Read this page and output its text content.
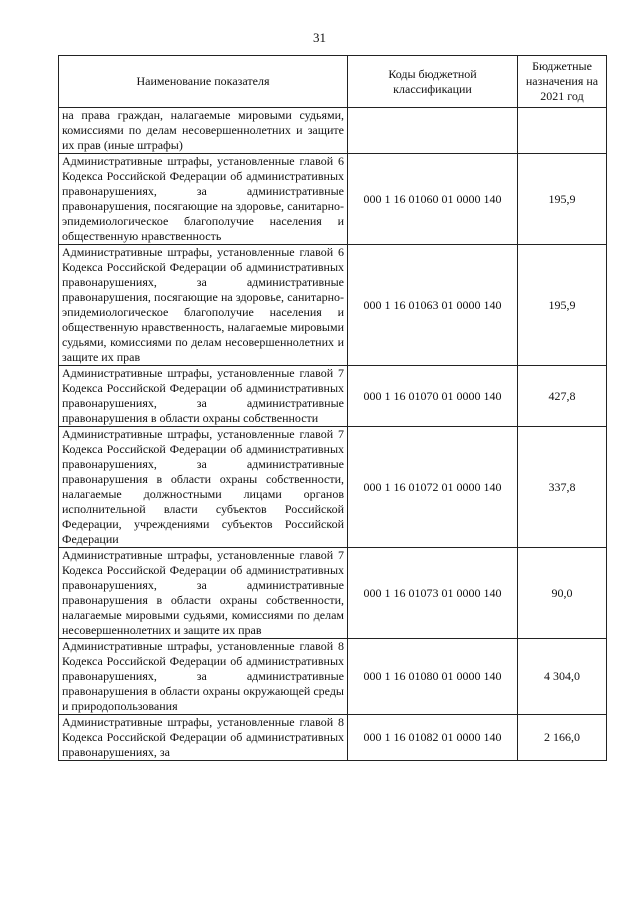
31
Наименование показателя	Коды бюджетной классификации	Бюджетные назначения на 2021 год
на права граждан, налагаемые мировыми судьями, комиссиями по делам несовершеннолетних и защите их прав (иные штрафы)		
Административные штрафы, установленные главой 6 Кодекса Российской Федерации об административных правонарушениях, за административные правонарушения, посягающие на здоровье, санитарно-эпидемиологическое благополучие населения и общественную нравственность	000 1 16 01060 01 0000 140	195,9
Административные штрафы, установленные главой 6 Кодекса Российской Федерации об административных правонарушениях, за административные правонарушения, посягающие на здоровье, санитарно-эпидемиологическое благополучие населения и общественную нравственность, налагаемые мировыми судьями, комиссиями по делам несовершеннолетних и защите их прав	000 1 16 01063 01 0000 140	195,9
Административные штрафы, установленные главой 7 Кодекса Российской Федерации об административных правонарушениях, за административные правонарушения в области охраны собственности	000 1 16 01070 01 0000 140	427,8
Административные штрафы, установленные главой 7 Кодекса Российской Федерации об административных правонарушениях, за административные правонарушения в области охраны собственности, налагаемые должностными лицами органов исполнительной власти субъектов Российской Федерации, учреждениями субъектов Российской Федерации	000 1 16 01072 01 0000 140	337,8
Административные штрафы, установленные главой 7 Кодекса Российской Федерации об административных правонарушениях, за административные правонарушения в области охраны собственности, налагаемые мировыми судьями, комиссиями по делам несовершеннолетних и защите их прав	000 1 16 01073 01 0000 140	90,0
Административные штрафы, установленные главой 8 Кодекса Российской Федерации об административных правонарушениях, за административные правонарушения в области охраны окружающей среды и природопользования	000 1 16 01080 01 0000 140	4 304,0
Административные штрафы, установленные главой 8 Кодекса Российской Федерации об административных правонарушениях, за	000 1 16 01082 01 0000 140	2 166,0
